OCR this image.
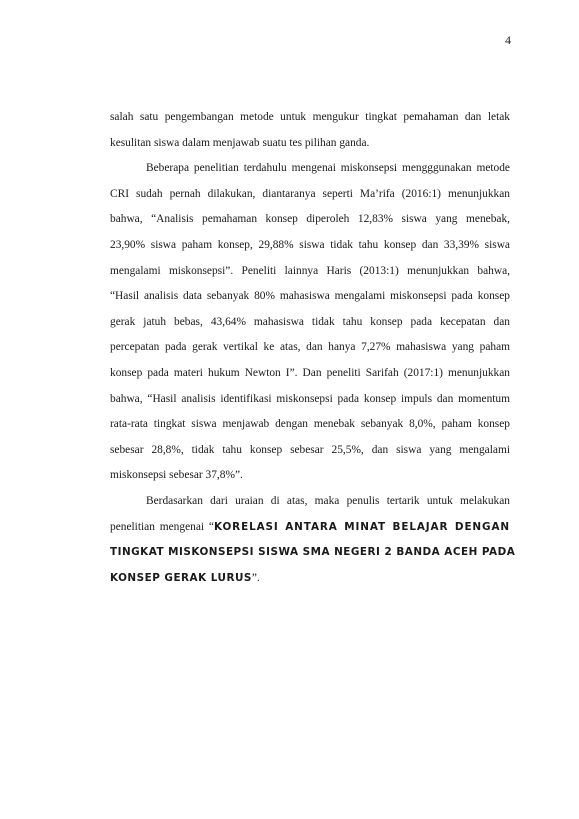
4

salah satu pengembangan metode untuk mengukur tingkat pemahaman dan letak
kesulitan siswa dalam menjawab suatu tes pilihan ganda.

Beberapa penelitian terdahulu mengenai miskonsepsi mengggunakan metode
CRI sudah pernah dilakukan, diantaranya seperti Ma’rifa (2016:1) menunjukkan
bahwa, “Analisis pemahaman konsep diperoleh 12,83% siswa yang menebak,
23,90% siswa paham konsep, 29,88% siswa tidak tahu konsep dan 33,39% siswa
mengalami miskonsepsi”. Peneliti lainnya Haris (2013:1) menunjukkan bahwa,
“Hasil analisis data sebanyak 80% mahasiswa mengalami miskonsepsi pada konsep
gerak jatuh bebas, 43,64% mahasiswa tidak tahu konsep pada kecepatan dan
percepatan pada gerak vertikal ke atas, dan hanya 7,27% mahasiswa yang paham
konsep pada materi hukum Newton I”. Dan peneliti Sarifah (2017:1) menunjukkan
bahwa, “Hasil analisis identifikasi miskonsepsi pada konsep impuls dan momentum
rata-rata tingkat siswa menjawab dengan menebak sebanyak 8,0%, paham konsep
sebesar 28,8%, tidak tahu konsep sebesar 25,5%, dan siswa yang mengalami
miskonsepsi sebesar 37,8%”.

Berdasarkan dari uraian di atas, maka penulis tertarik untuk melakukan
penelitian mengenai “KORELASI ANTARA MINAT BELAJAR DENGAN
TINGKAT MISKONSEPSI SISWA SMA NEGERI 2 BANDA ACEH PADA
KONSEP GERAK LURUS”.
